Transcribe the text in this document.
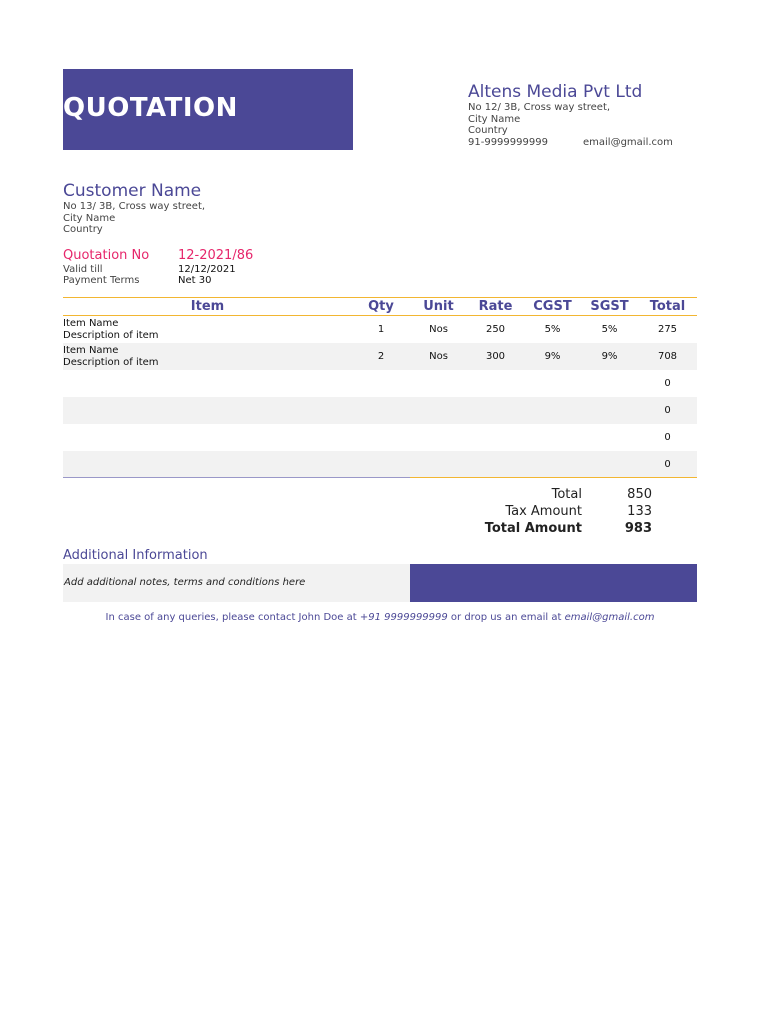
QUOTATION
Altens Media Pvt Ltd
No 12/ 3B, Cross way street,
City Name
Country
91-9999999999	email@gmail.com
Customer Name
No 13/ 3B, Cross way street,
City Name
Country
Quotation No 12-2021/86
Valid till	12/12/2021
Payment Terms	Net 30
Item	Qty	Unit	Rate	CGST	SGST	Total

Item Name
Description of item	1	Nos	250	5%	5%	275

Item Name
Description of item	2	Nos	300	9%	9%	708

						0

						0

						0

						0
Total	850
Tax Amount	133
Total Amount	983
Additional Information
Add additional notes, terms and conditions here
In case of any queries, please contact John Doe at +91 9999999999 or drop us an email at email@gmail.com
